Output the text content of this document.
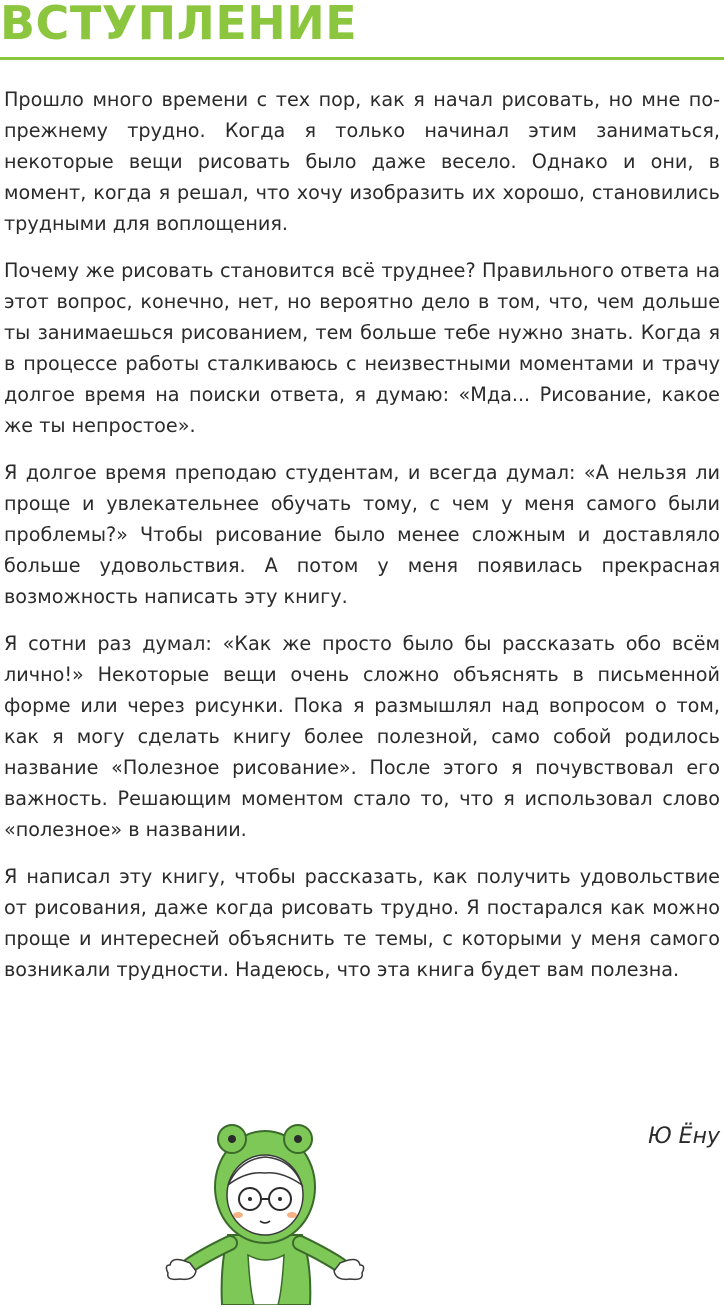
ВСТУПЛЕНИЕ

Прошло много времени с тех пор, как я начал рисовать, но мне по-прежнему трудно. Когда я только начинал этим заниматься, некоторые вещи рисовать было даже весело. Однако и они, в момент, когда я решал, что хочу изобразить их хорошо, становились трудными для воплощения.

Почему же рисовать становится всё труднее? Правильного ответа на этот вопрос, конечно, нет, но вероятно дело в том, что, чем дольше ты занимаешься рисованием, тем больше тебе нужно знать. Когда я в процессе работы сталкиваюсь с неизвестными моментами и трачу долгое время на поиски ответа, я думаю: «Мда... Рисование, какое же ты непростое».

Я долгое время преподаю студентам, и всегда думал: «А нельзя ли проще и увлекательнее обучать тому, с чем у меня самого были проблемы?» Чтобы рисование было менее сложным и доставляло больше удовольствия. А потом у меня появилась прекрасная возможность написать эту книгу.

Я сотни раз думал: «Как же просто было бы рассказать обо всём лично!» Некоторые вещи очень сложно объяснять в письменной форме или через рисунки. Пока я размышлял над вопросом о том, как я могу сделать книгу более полезной, само собой родилось название «Полезное рисование». После этого я почувствовал его важность. Решающим моментом стало то, что я использовал слово «полезное» в названии.

Я написал эту книгу, чтобы рассказать, как получить удовольствие от рисования, даже когда рисовать трудно. Я постарался как можно проще и интересней объяснить те темы, с которыми у меня самого возникали трудности. Надеюсь, что эта книга будет вам полезна.

Ю Ёну
